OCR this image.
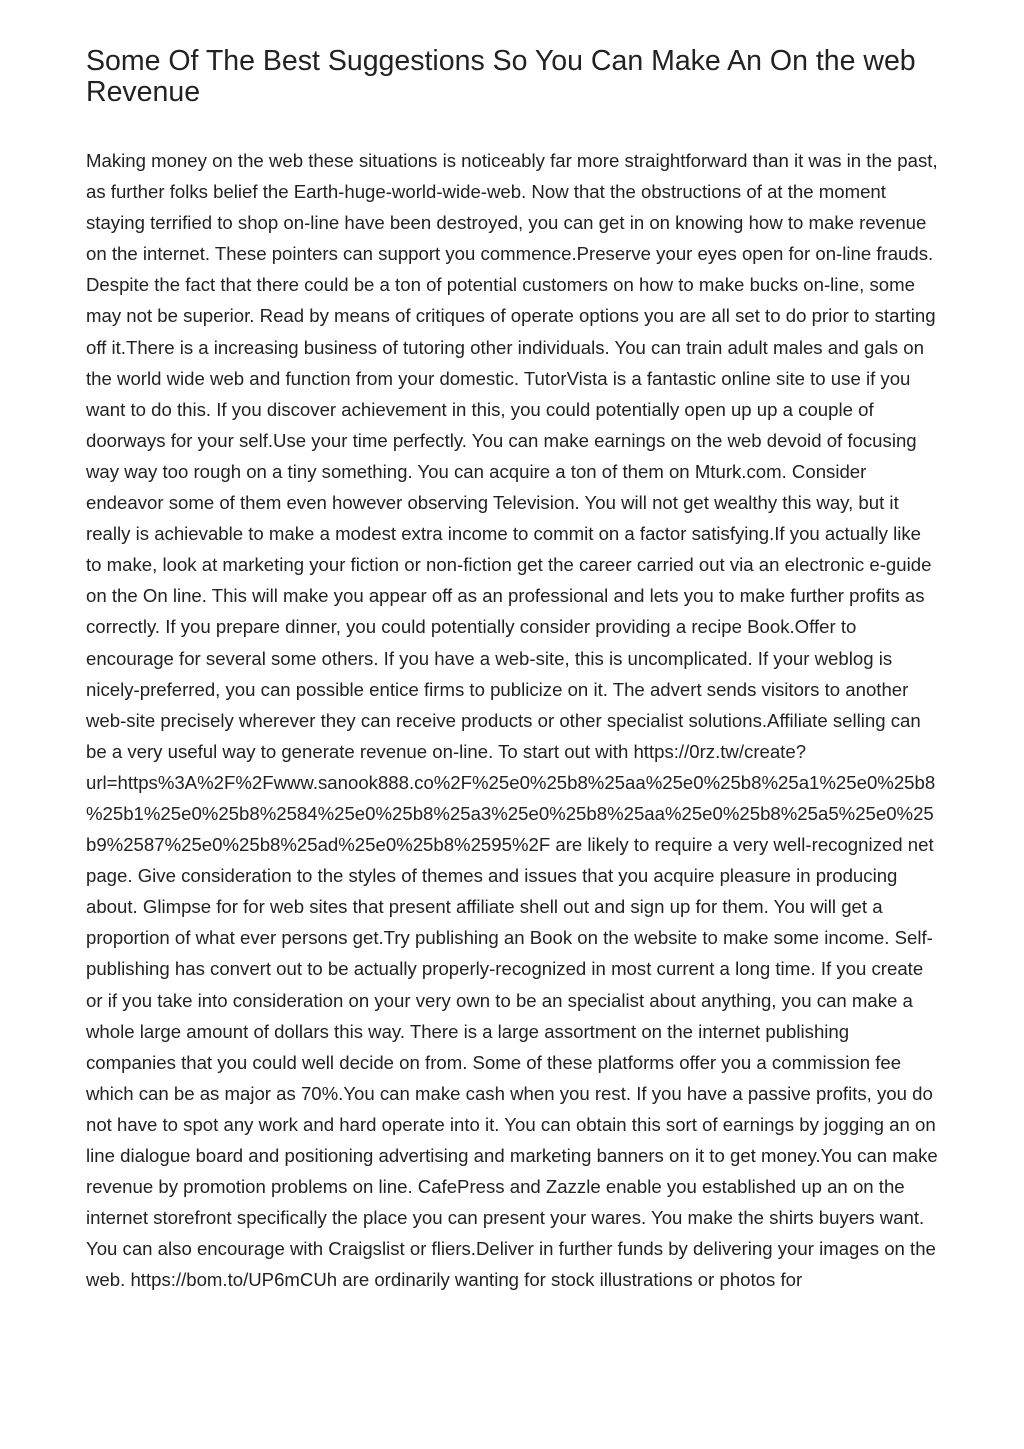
Some Of The Best Suggestions So You Can Make An On the web Revenue

Making money on the web these situations is noticeably far more straightforward than it was in the past, as further folks belief the Earth-huge-world-wide-web. Now that the obstructions of at the moment staying terrified to shop on-line have been destroyed, you can get in on knowing how to make revenue on the internet. These pointers can support you commence.Preserve your eyes open for on-line frauds. Despite the fact that there could be a ton of potential customers on how to make bucks on-line, some may not be superior. Read by means of critiques of operate options you are all set to do prior to starting off it.There is a increasing business of tutoring other individuals. You can train adult males and gals on the world wide web and function from your domestic. TutorVista is a fantastic online site to use if you want to do this. If you discover achievement in this, you could potentially open up up a couple of doorways for your self.Use your time perfectly. You can make earnings on the web devoid of focusing way way too rough on a tiny something. You can acquire a ton of them on Mturk.com. Consider endeavor some of them even however observing Television. You will not get wealthy this way, but it really is achievable to make a modest extra income to commit on a factor satisfying.If you actually like to make, look at marketing your fiction or non-fiction get the career carried out via an electronic e-guide on the On line. This will make you appear off as an professional and lets you to make further profits as correctly. If you prepare dinner, you could potentially consider providing a recipe Book.Offer to encourage for several some others. If you have a web-site, this is uncomplicated. If your weblog is nicely-preferred, you can possible entice firms to publicize on it. The advert sends visitors to another web-site precisely wherever they can receive products or other specialist solutions.Affiliate selling can be a very useful way to generate revenue on-line. To start out with https://0rz.tw/create?url=https%3A%2F%2Fwww.sanook888.co%2F%25e0%25b8%25aa%25e0%25b8%25a1%25e0%25b8%25b1%25e0%25b8%2584%25e0%25b8%25a3%25e0%25b8%25aa%25e0%25b8%25a5%25e0%25b9%2587%25e0%25b8%25ad%25e0%25b8%2595%2F are likely to require a very well-recognized net page. Give consideration to the styles of themes and issues that you acquire pleasure in producing about. Glimpse for for web sites that present affiliate shell out and sign up for them. You will get a proportion of what ever persons get.Try publishing an Book on the website to make some income. Self-publishing has convert out to be actually properly-recognized in most current a long time. If you create or if you take into consideration on your very own to be an specialist about anything, you can make a whole large amount of dollars this way. There is a large assortment on the internet publishing companies that you could well decide on from. Some of these platforms offer you a commission fee which can be as major as 70%.You can make cash when you rest. If you have a passive profits, you do not have to spot any work and hard operate into it. You can obtain this sort of earnings by jogging an on line dialogue board and positioning advertising and marketing banners on it to get money.You can make revenue by promotion problems on line. CafePress and Zazzle enable you established up an on the internet storefront specifically the place you can present your wares. You make the shirts buyers want. You can also encourage with Craigslist or fliers.Deliver in further funds by delivering your images on the web. https://bom.to/UP6mCUh are ordinarily wanting for stock illustrations or photos for
